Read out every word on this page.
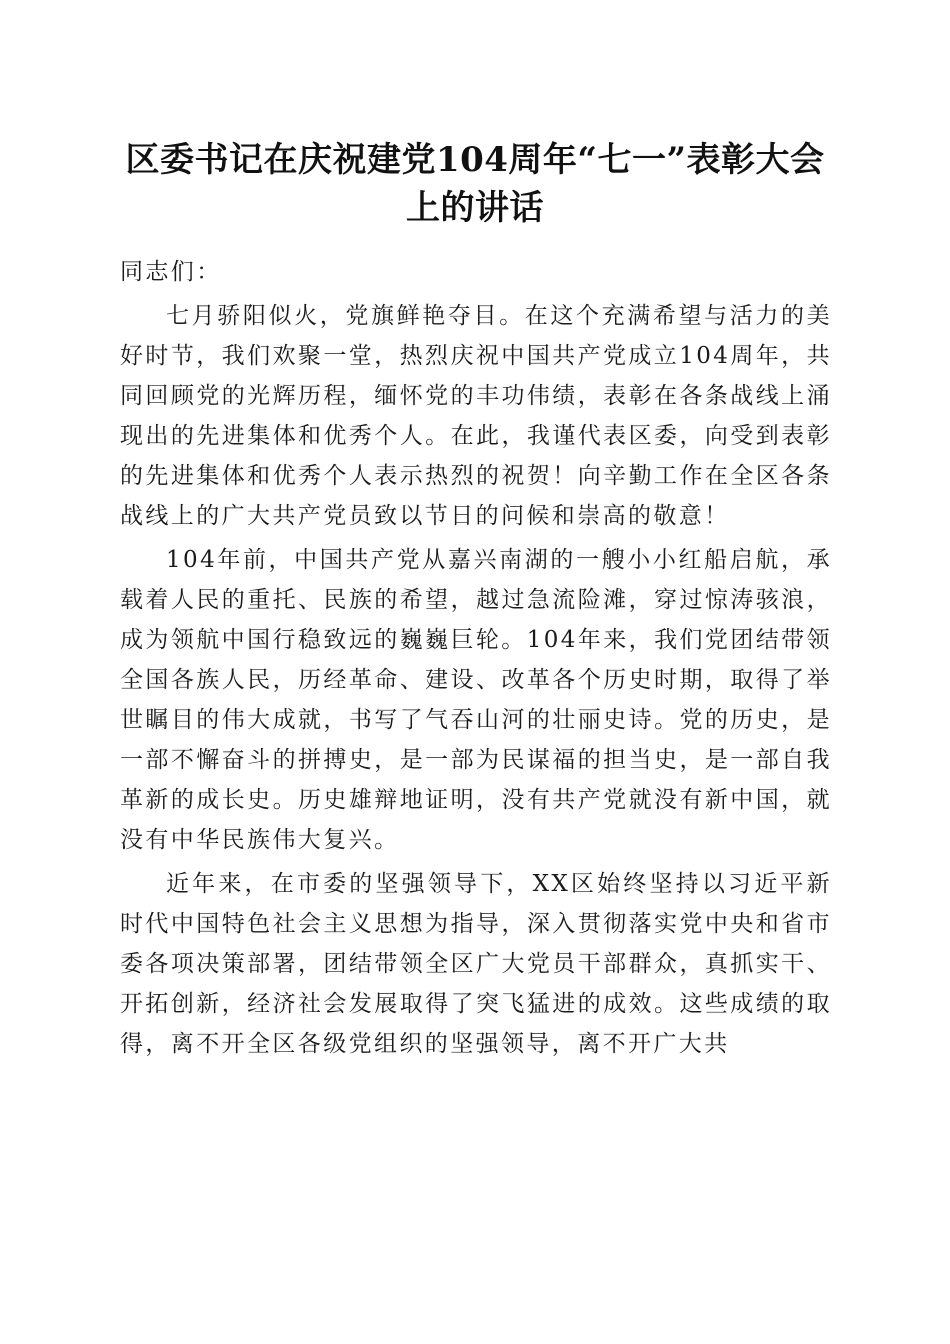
区委书记在庆祝建党104周年“七一”表彰大会上的讲话

同志们：

七月骄阳似火，党旗鲜艳夺目。在这个充满希望与活力的美好时节，我们欢聚一堂，热烈庆祝中国共产党成立104周年，共同回顾党的光辉历程，缅怀党的丰功伟绩，表彰在各条战线上涌现出的先进集体和优秀个人。在此，我谨代表区委，向受到表彰的先进集体和优秀个人表示热烈的祝贺！向辛勤工作在全区各条战线上的广大共产党员致以节日的问候和崇高的敬意！

104年前，中国共产党从嘉兴南湖的一艘小小红船启航，承载着人民的重托、民族的希望，越过急流险滩，穿过惊涛骇浪，成为领航中国行稳致远的巍巍巨轮。104年来，我们党团结带领全国各族人民，历经革命、建设、改革各个历史时期，取得了举世瞩目的伟大成就，书写了气吞山河的壮丽史诗。党的历史，是一部不懈奋斗的拼搏史，是一部为民谋福的担当史，是一部自我革新的成长史。历史雄辩地证明，没有共产党就没有新中国，就没有中华民族伟大复兴。

近年来，在市委的坚强领导下，XX区始终坚持以习近平新时代中国特色社会主义思想为指导，深入贯彻落实党中央和省市委各项决策部署，团结带领全区广大党员干部群众，真抓实干、开拓创新，经济社会发展取得了突飞猛进的成效。这些成绩的取得，离不开全区各级党组织的坚强领导，离不开广大共
